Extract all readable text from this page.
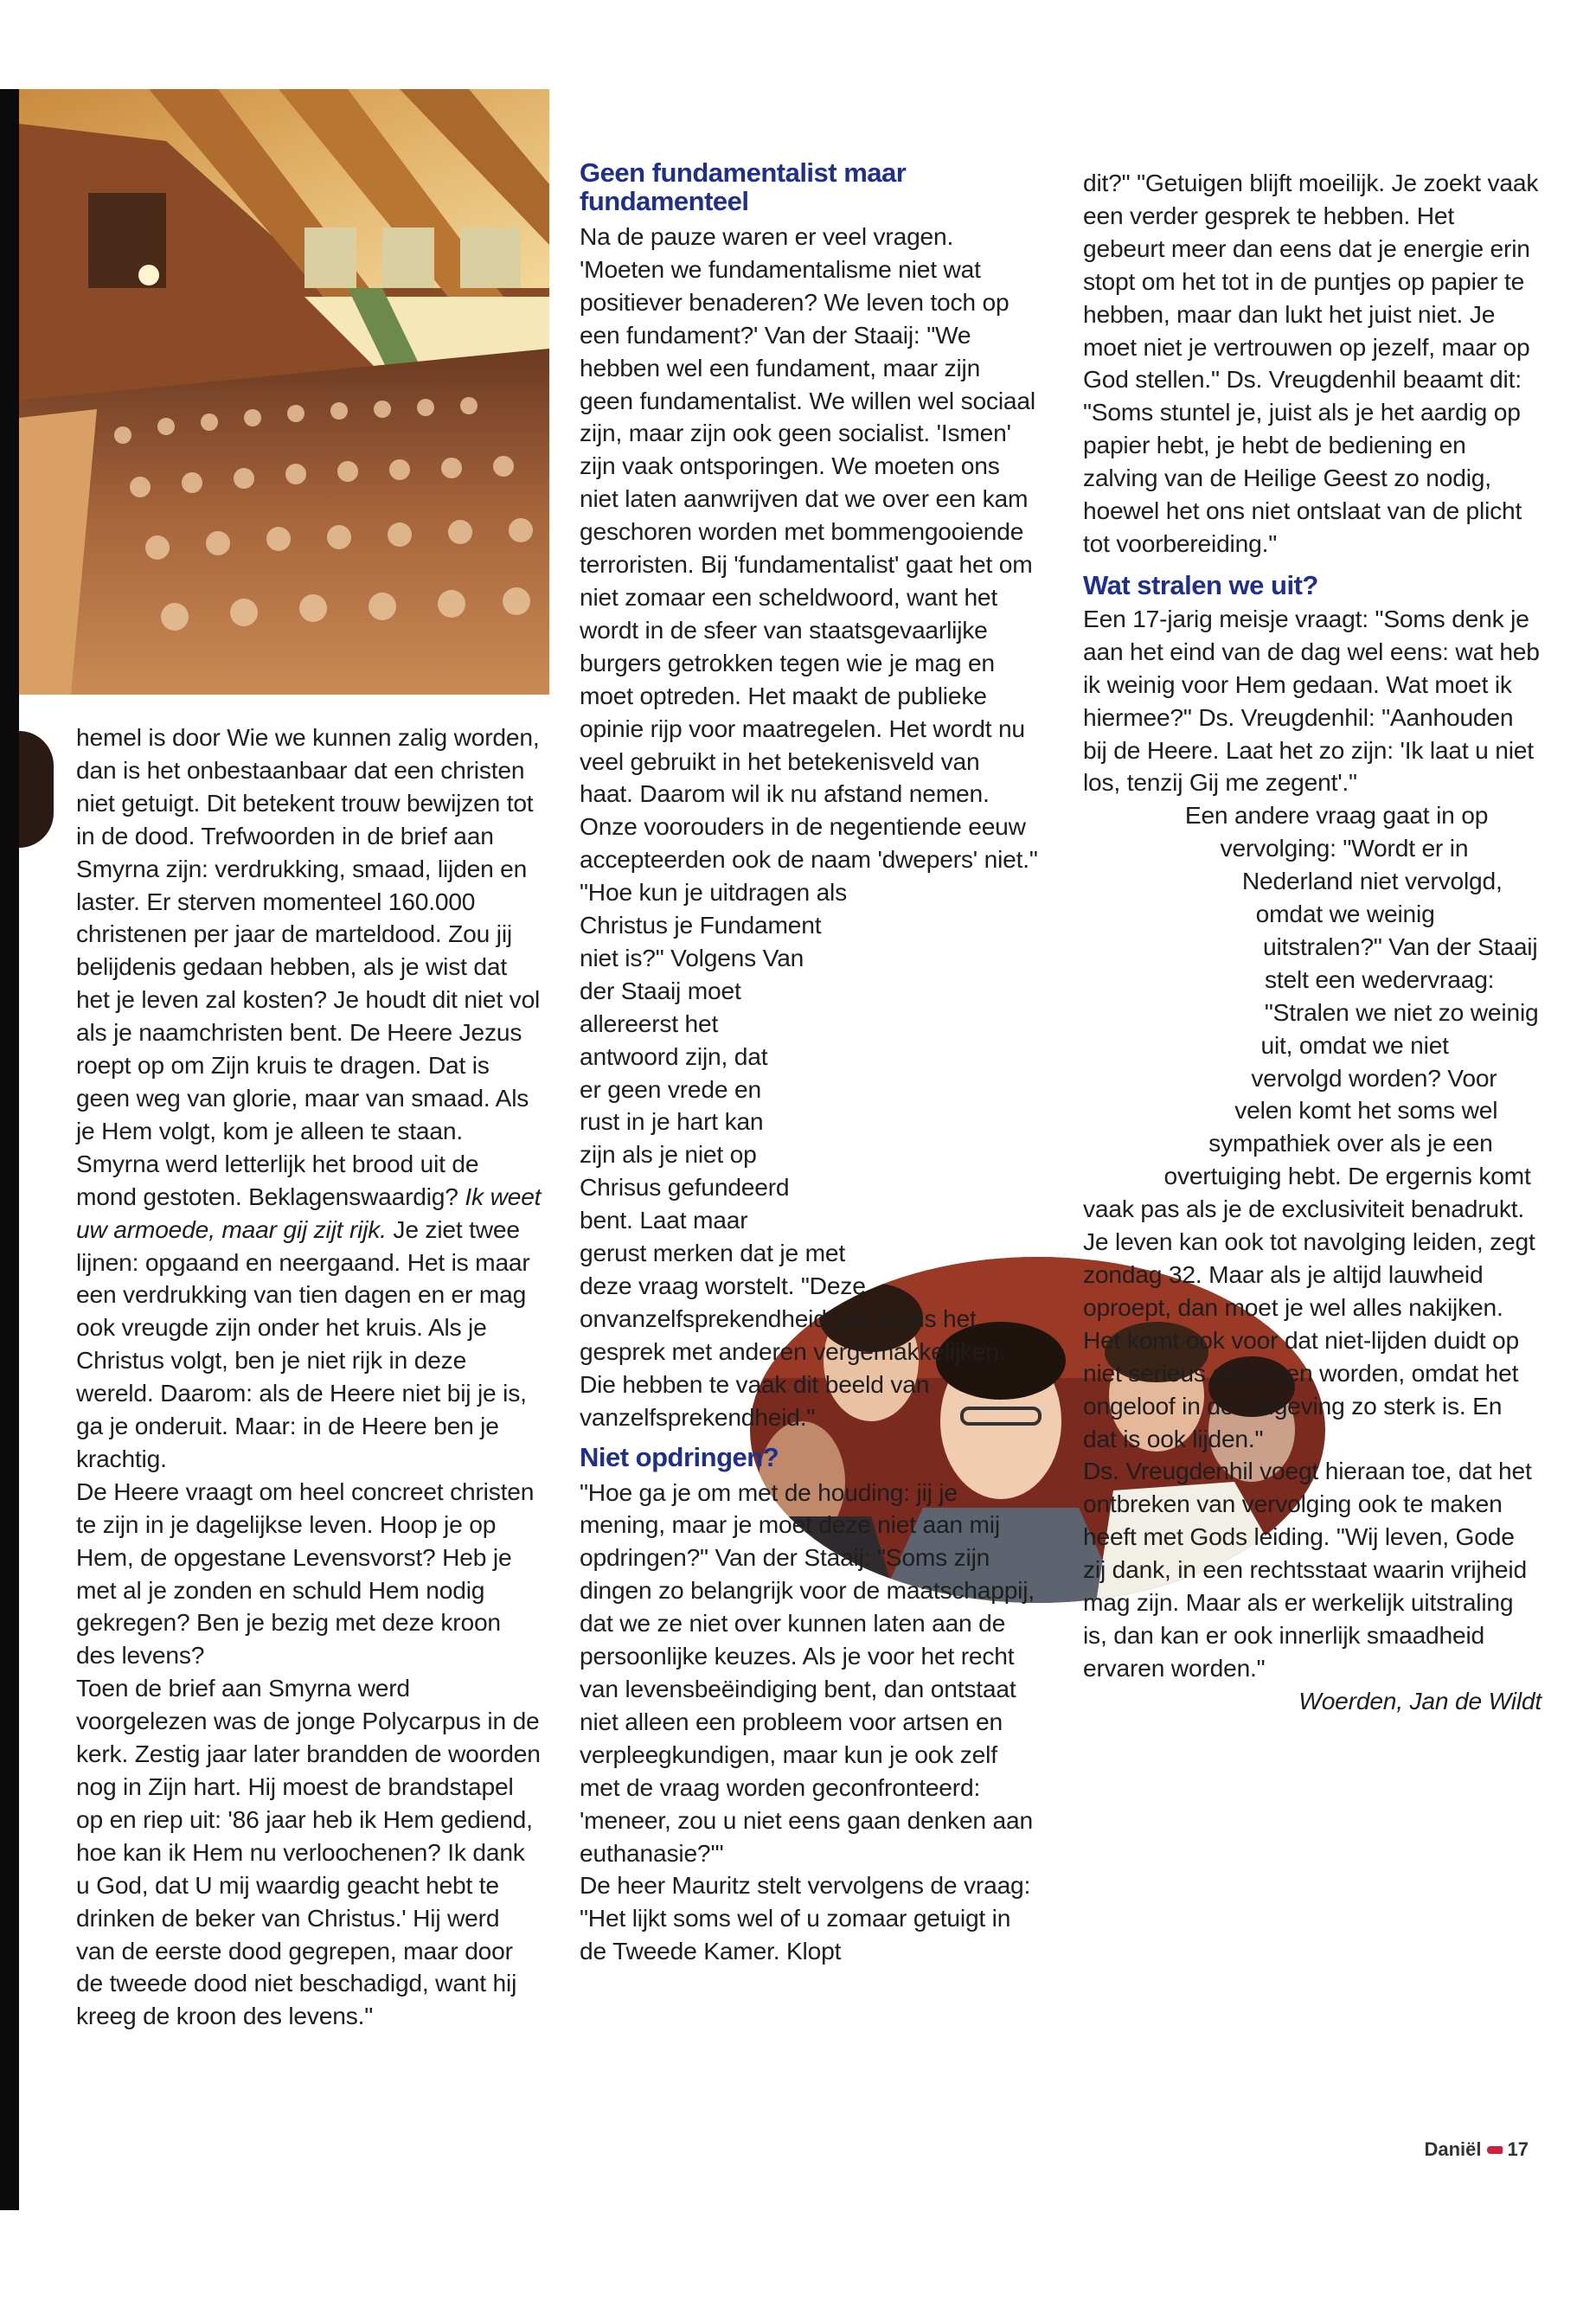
hemel is door Wie we kunnen zalig worden, dan is het onbestaanbaar dat een christen niet getuigt. Dit betekent trouw bewijzen tot in de dood. Trefwoorden in de brief aan Smyrna zijn: verdrukking, smaad, lijden en laster. Er sterven momenteel 160.000 christenen per jaar de marteldood. Zou jij belijdenis gedaan hebben, als je wist dat het je leven zal kosten? Je houdt dit niet vol als je naamchristen bent. De Heere Jezus roept op om Zijn kruis te dragen. Dat is geen weg van glorie, maar van smaad. Als je Hem volgt, kom je alleen te staan. Smyrna werd letterlijk het brood uit de mond gestoten. Beklagenswaardig? Ik weet uw armoede, maar gij zijt rijk. Je ziet twee lijnen: opgaand en neergaand. Het is maar een verdrukking van tien dagen en er mag ook vreugde zijn onder het kruis. Als je Christus volgt, ben je niet rijk in deze wereld. Daarom: als de Heere niet bij je is, ga je onderuit. Maar: in de Heere ben je krachtig.

De Heere vraagt om heel concreet christen te zijn in je dagelijkse leven. Hoop je op Hem, de opgestane Levensvorst? Heb je met al je zonden en schuld Hem nodig gekregen? Ben je bezig met deze kroon des levens?

Toen de brief aan Smyrna werd voorgelezen was de jonge Polycarpus in de kerk. Zestig jaar later brandden de woorden nog in Zijn hart. Hij moest de brandstapel op en riep uit: '86 jaar heb ik Hem gediend, hoe kan ik Hem nu verloochenen? Ik dank u God, dat U mij waardig geacht hebt te drinken de beker van Christus.' Hij werd van de eerste dood gegrepen, maar door de tweede dood niet beschadigd, want hij kreeg de kroon des levens."

Geen fundamentalist maar fundamenteel

Na de pauze waren er veel vragen. 'Moeten we fundamentalisme niet wat positiever benaderen? We leven toch op een fundament?' Van der Staaij: "We hebben wel een fundament, maar zijn geen fundamentalist. We willen wel sociaal zijn, maar zijn ook geen socialist. 'Ismen' zijn vaak ontsporingen. We moeten ons niet laten aanwrijven dat we over een kam geschoren worden met bommengooiende terroristen. Bij 'fundamentalist' gaat het om niet zomaar een scheldwoord, want het wordt in de sfeer van staatsgevaarlijke burgers getrokken tegen wie je mag en moet optreden. Het maakt de publieke opinie rijp voor maatregelen. Het wordt nu veel gebruikt in het betekenisveld van haat. Daarom wil ik nu afstand nemen. Onze voorouders in de negentiende eeuw accepteerden ook de naam 'dwepers' niet."

"Hoe kun je uitdragen als Christus je Fundament niet is?" Volgens Van der Staaij moet allereerst het antwoord zijn, dat er geen vrede en rust in je hart kan zijn als je niet op Chrisus gefundeerd bent. Laat maar gerust merken dat je met deze vraag worstelt. "Deze onvanzelfsprekendheid kan soms het gesprek met anderen vergemakkelijken. Die hebben te vaak dit beeld van vanzelfsprekendheid."

Niet opdringen?

"Hoe ga je om met de houding: jij je mening, maar je moet deze niet aan mij opdringen?" Van der Staaij: "Soms zijn dingen zo belangrijk voor de maatschappij, dat we ze niet over kunnen laten aan de persoonlijke keuzes. Als je voor het recht van levensbeëindiging bent, dan ontstaat niet alleen een probleem voor artsen en verpleegkundigen, maar kun je ook zelf met de vraag worden geconfronteerd: 'meneer, zou u niet eens gaan denken aan euthanasie?'"

De heer Mauritz stelt vervolgens de vraag: "Het lijkt soms wel of u zomaar getuigt in de Tweede Kamer. Klopt

dit?" "Getuigen blijft moeilijk. Je zoekt vaak een verder gesprek te hebben. Het gebeurt meer dan eens dat je energie erin stopt om het tot in de puntjes op papier te hebben, maar dan lukt het juist niet. Je moet niet je vertrouwen op jezelf, maar op God stellen." Ds. Vreugdenhil beaamt dit: "Soms stuntel je, juist als je het aardig op papier hebt, je hebt de bediening en zalving van de Heilige Geest zo nodig, hoewel het ons niet ontslaat van de plicht tot voorbereiding."

Wat stralen we uit?

Een 17-jarig meisje vraagt: "Soms denk je aan het eind van de dag wel eens: wat heb ik weinig voor Hem gedaan. Wat moet ik hiermee?" Ds. Vreugdenhil: "Aanhouden bij de Heere. Laat het zo zijn: 'Ik laat u niet los, tenzij Gij me zegent'."

Een andere vraag gaat in op vervolging: "Wordt er in Nederland niet vervolgd, omdat we weinig uitstralen?" Van der Staaij stelt een wedervraag: "Stralen we niet zo weinig uit, omdat we niet vervolgd worden? Voor velen komt het soms wel sympathiek over als je een overtuiging hebt. De ergernis komt vaak pas als je de exclusiviteit benadrukt. Je leven kan ook tot navolging leiden, zegt zondag 32. Maar als je altijd lauwheid oproept, dan moet je wel alles nakijken. Het komt ook voor dat niet-lijden duidt op niet serieus genomen worden, omdat het ongeloof in de omgeving zo sterk is. En dat is ook lijden."

Ds. Vreugdenhil voegt hieraan toe, dat het ontbreken van vervolging ook te maken heeft met Gods leiding. "Wij leven, Gode zij dank, in een rechtsstaat waarin vrijheid mag zijn. Maar als er werkelijk uitstraling is, dan kan er ook innerlijk smaadheid ervaren worden."

Woerden, Jan de Wildt

Daniël 17
